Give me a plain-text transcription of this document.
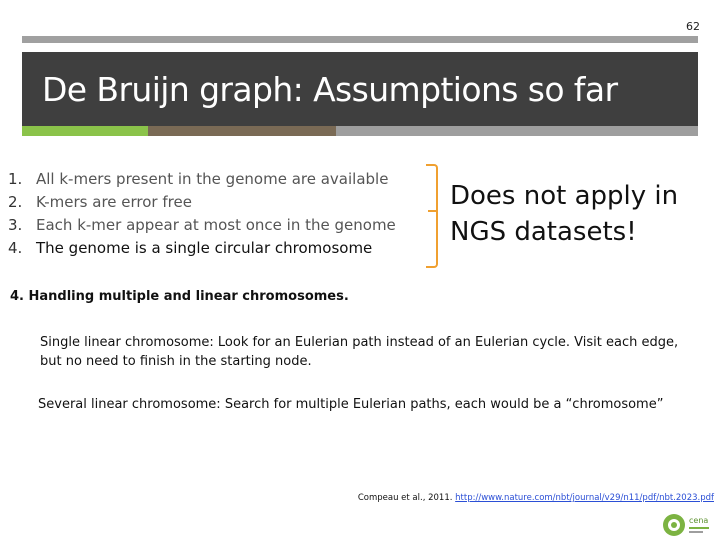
62
De Bruijn graph: Assumptions so far
1. All k-mers present in the genome are available
2. K-mers are error free
3. Each k-mer appear at most once in the genome
4. The genome is a single circular chromosome
Does not apply in NGS datasets!
4. Handling multiple and linear chromosomes.
Single linear chromosome: Look for an Eulerian path instead of an Eulerian cycle. Visit each edge, but no need to finish in the starting node.
Several linear chromosome: Search for multiple Eulerian paths, each would be a “chromosome”
Compeau et al., 2011. http://www.nature.com/nbt/journal/v29/n11/pdf/nbt.2023.pdf
cena
